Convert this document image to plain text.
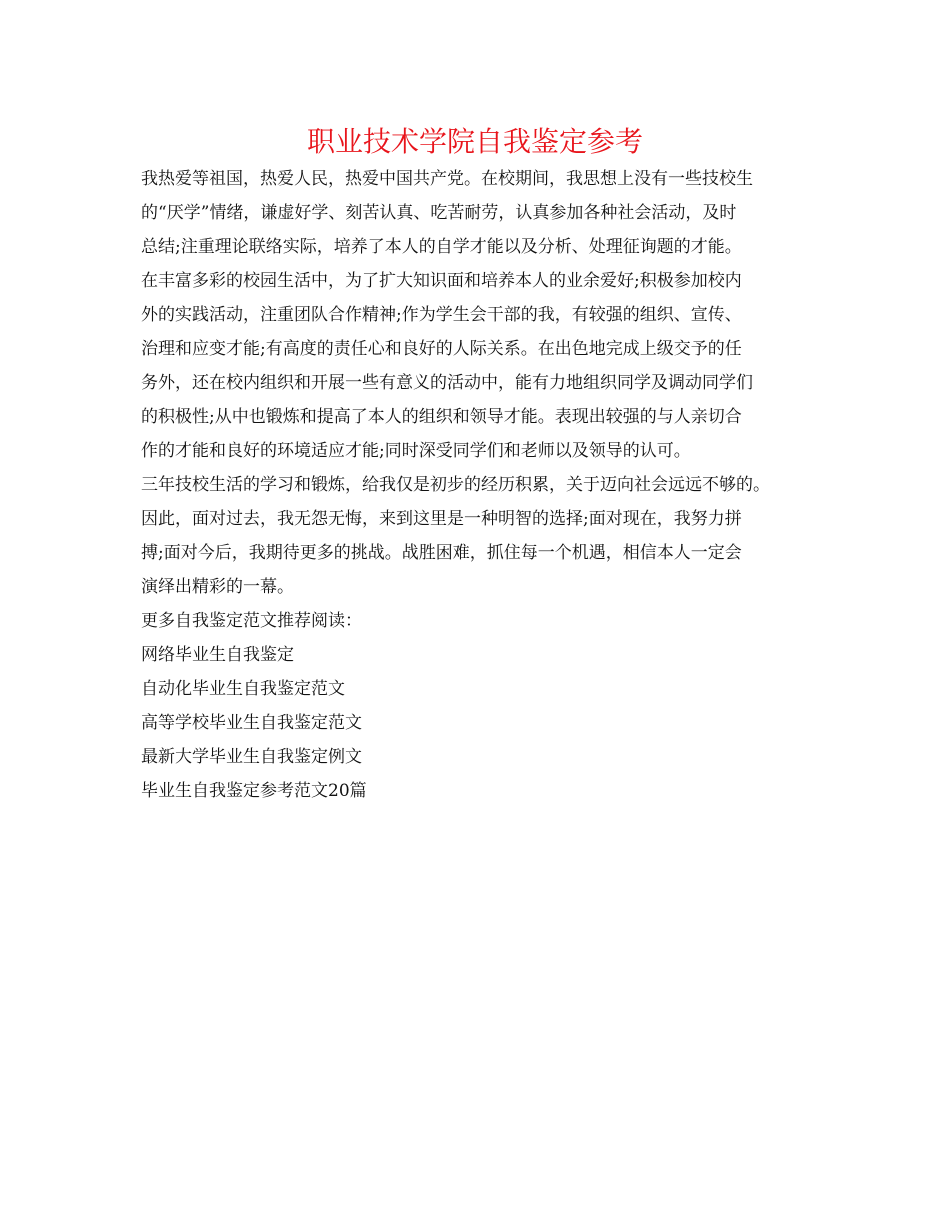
职业技术学院自我鉴定参考

我热爱等祖国，热爱人民，热爱中国共产党。在校期间，我思想上没有一些技校生

的“厌学”情绪，谦虚好学、刻苦认真、吃苦耐劳，认真参加各种社会活动，及时

总结;注重理论联络实际，培养了本人的自学才能以及分析、处理征询题的才能。

在丰富多彩的校园生活中，为了扩大知识面和培养本人的业余爱好;积极参加校内

外的实践活动，注重团队合作精神;作为学生会干部的我，有较强的组织、宣传、

治理和应变才能;有高度的责任心和良好的人际关系。在出色地完成上级交予的任

务外，还在校内组织和开展一些有意义的活动中，能有力地组织同学及调动同学们

的积极性;从中也锻炼和提高了本人的组织和领导才能。表现出较强的与人亲切合

作的才能和良好的环境适应才能;同时深受同学们和老师以及领导的认可。

三年技校生活的学习和锻炼，给我仅是初步的经历积累，关于迈向社会远远不够的。

因此，面对过去，我无怨无悔，来到这里是一种明智的选择;面对现在，我努力拼

搏;面对今后，我期待更多的挑战。战胜困难，抓住每一个机遇，相信本人一定会

演绎出精彩的一幕。

更多自我鉴定范文推荐阅读：

网络毕业生自我鉴定

自动化毕业生自我鉴定范文

高等学校毕业生自我鉴定范文

最新大学毕业生自我鉴定例文

毕业生自我鉴定参考范文20篇
